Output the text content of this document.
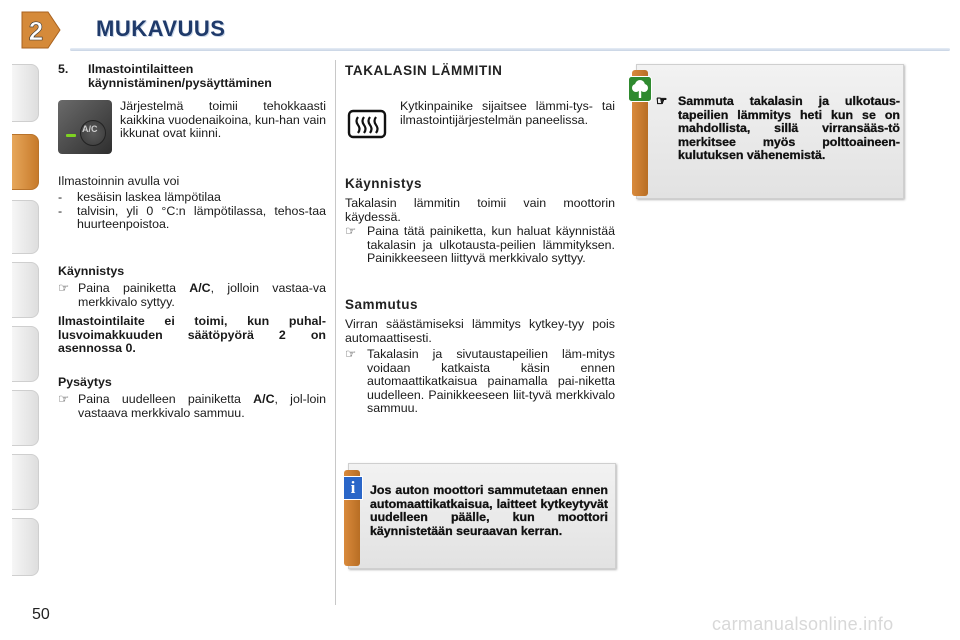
2 MUKAVUUS
5. Ilmastointilaitteen
käynnistäminen/pysäyttäminen
A/C
Järjestelmä toimii tehokkaasti kaikkina vuodenaikoina, kun-han vain ikkunat ovat kiinni.
Ilmastoinnin avulla voi
-	kesäisin laskea lämpötilaa
-	talvisin, yli 0 °C:n lämpötilassa, tehos-taa huurteenpoistoa.
Käynnistys
☞ Paina painiketta A/C, jolloin vastaa-va merkkivalo syttyy.
Ilmastointilaite ei toimi, kun puhal-lusvoimakkuuden säätöpyörä 2 on asennossa 0.
Pysäytys
☞ Paina uudelleen painiketta A/C, jol-loin vastaava merkkivalo sammuu.
TAKALASIN LÄMMITIN
Kytkinpainike sijaitsee lämmi-tys- tai ilmastointijärjestelmän paneelissa.
Käynnistys
Takalasin lämmitin toimii vain moottorin käydessä.
☞ Paina tätä painiketta, kun haluat käynnistää takalasin ja ulkotausta-peilien lämmityksen. Painikkeeseen liittyvä merkkivalo syttyy.
Sammutus
Virran säästämiseksi lämmitys kytkey-tyy pois automaattisesti.
☞ Takalasin ja sivutaustapeilien läm-mitys voidaan katkaista käsin ennen automaattikatkaisua painamalla pai-niketta uudelleen. Painikkeeseen liit-tyvä merkkivalo sammuu.
i	Jos auton moottori sammutetaan ennen automaattikatkaisua, laitteet kytkeytyvät uudelleen päälle, kun moottori käynnistetään seuraavan kerran.
☞ Sammuta takalasin ja ulkotaus-tapeilien lämmitys heti kun se on mahdollista, sillä virransääs-tö merkitsee myös polttoaineen-kulutuksen vähenemistä.
50	carmanualsonline.info
